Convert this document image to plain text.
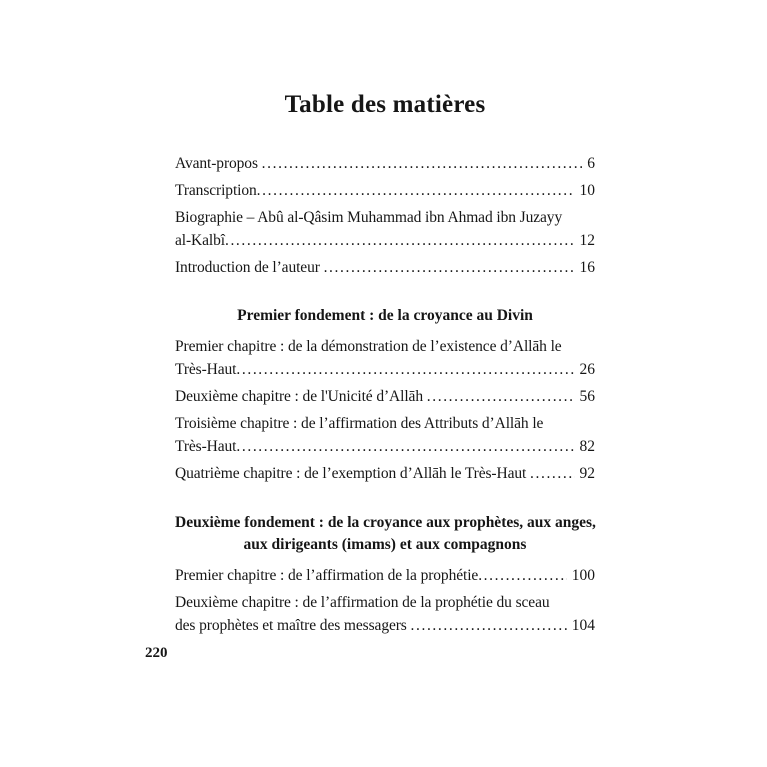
Table des matières
Avant-propos .....	6
Transcription .....	10
Biographie – Abû al-Qâsim Muhammad ibn Ahmad ibn Juzayy
al-Kalbî .....	12
Introduction de l’auteur .....	16
Premier fondement : de la croyance au Divin
Premier chapitre : de la démonstration de l’existence d’Allāh le
Très-Haut .....	26
Deuxième chapitre : de l'Unicité d’Allāh .....	56
Troisième chapitre : de l’affirmation des Attributs d’Allāh le
Très-Haut .....	82
Quatrième chapitre : de l’exemption d’Allāh le Très-Haut .....	92
Deuxième fondement : de la croyance aux prophètes, aux anges,
aux dirigeants (imams) et aux compagnons
Premier chapitre : de l’affirmation de la prophétie .....	100
Deuxième chapitre : de l’affirmation de la prophétie du sceau
des prophètes et maître des messagers .....	104
220
